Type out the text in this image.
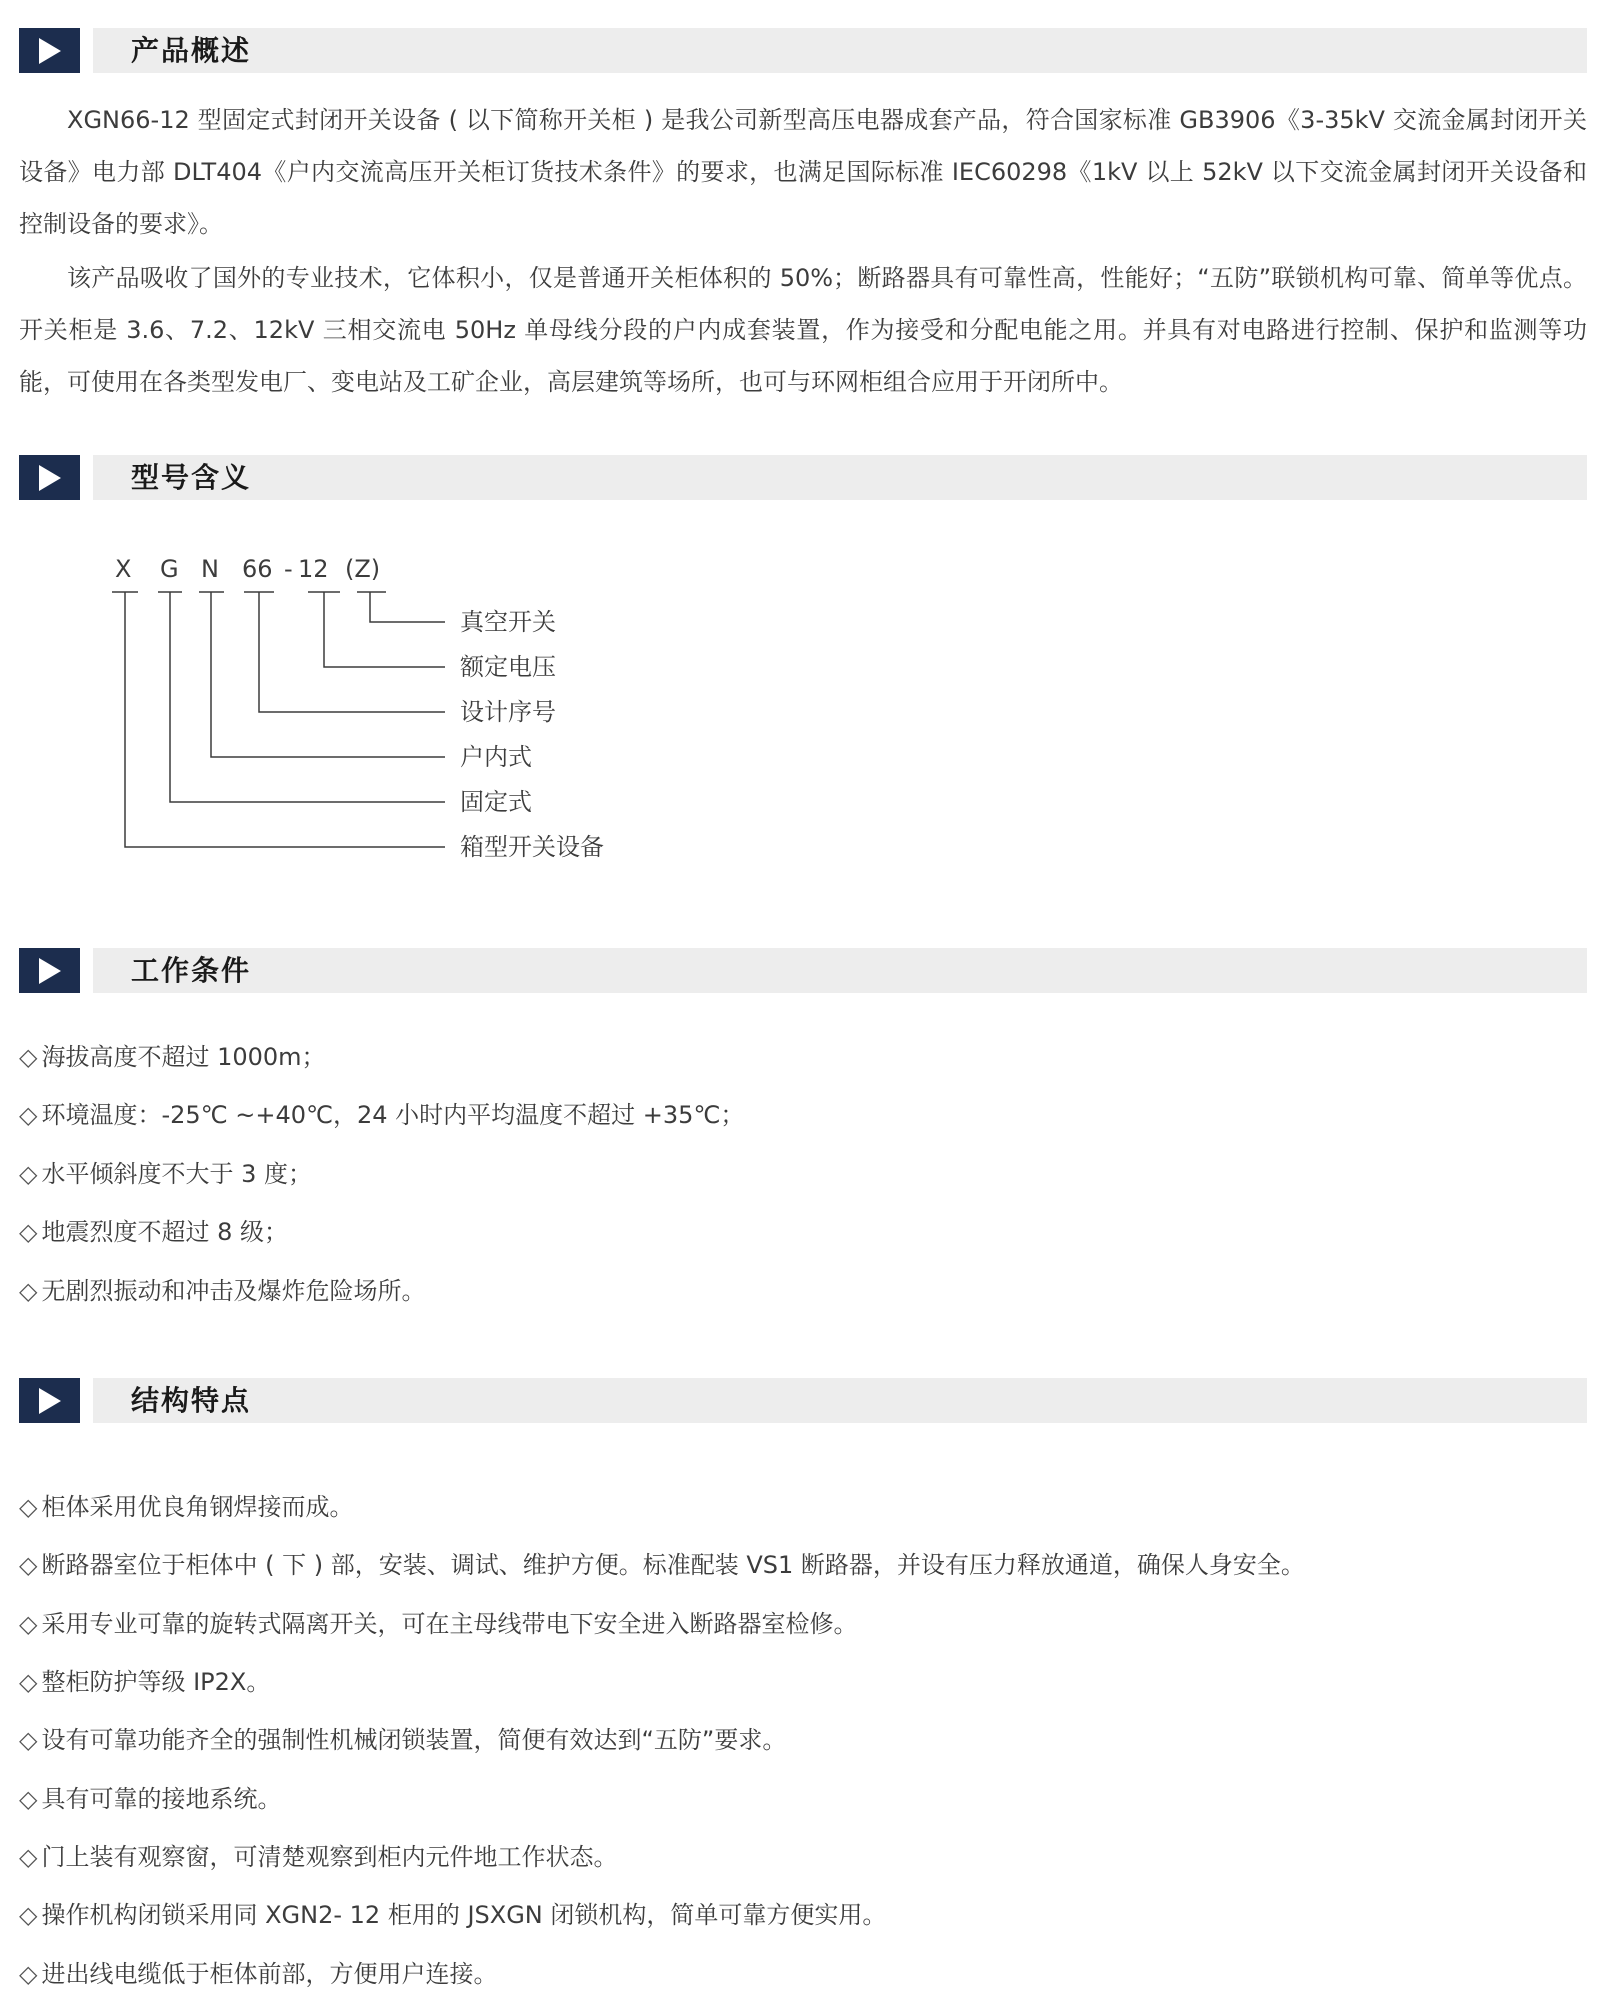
产品概述

XGN66-12 型固定式封闭开关设备 ( 以下简称开关柜 ) 是我公司新型高压电器成套产品，符合国家标准 GB3906《3-35kV 交流金属封闭开关设备》电力部 DLT404《户内交流高压开关柜订货技术条件》的要求，也满足国际标准 IEC60298《1kV 以上 52kV 以下交流金属封闭开关设备和控制设备的要求》。

该产品吸收了国外的专业技术，它体积小，仅是普通开关柜体积的 50%；断路器具有可靠性高，性能好；“五防”联锁机构可靠、简单等优点。开关柜是 3.6、7.2、12kV 三相交流电 50Hz 单母线分段的户内成套装置，作为接受和分配电能之用。并具有对电路进行控制、保护和监测等功能，可使用在各类型发电厂、变电站及工矿企业，高层建筑等场所，也可与环网柜组合应用于开闭所中。

型号含义
X G N 66 - 12 (Z)
真空开关
额定电压
设计序号
户内式
固定式
箱型开关设备
工作条件
◇ 海拔高度不超过 1000m；
◇ 环境温度：-25℃ ~+40℃，24 小时内平均温度不超过 +35℃；
◇ 水平倾斜度不大于 3 度；
◇ 地震烈度不超过 8 级；
◇ 无剧烈振动和冲击及爆炸危险场所。
结构特点
◇ 柜体采用优良角钢焊接而成。
◇ 断路器室位于柜体中 ( 下 ) 部，安装、调试、维护方便。标准配装 VS1 断路器，并设有压力释放通道，确保人身安全。
◇ 采用专业可靠的旋转式隔离开关，可在主母线带电下安全进入断路器室检修。
◇ 整柜防护等级 IP2X。
◇ 设有可靠功能齐全的强制性机械闭锁装置，简便有效达到“五防”要求。
◇ 具有可靠的接地系统。
◇ 门上装有观察窗，可清楚观察到柜内元件地工作状态。
◇ 操作机构闭锁采用同 XGN2- 12 柜用的 JSXGN 闭锁机构，简单可靠方便实用。
◇ 进出线电缆低于柜体前部，方便用户连接。
